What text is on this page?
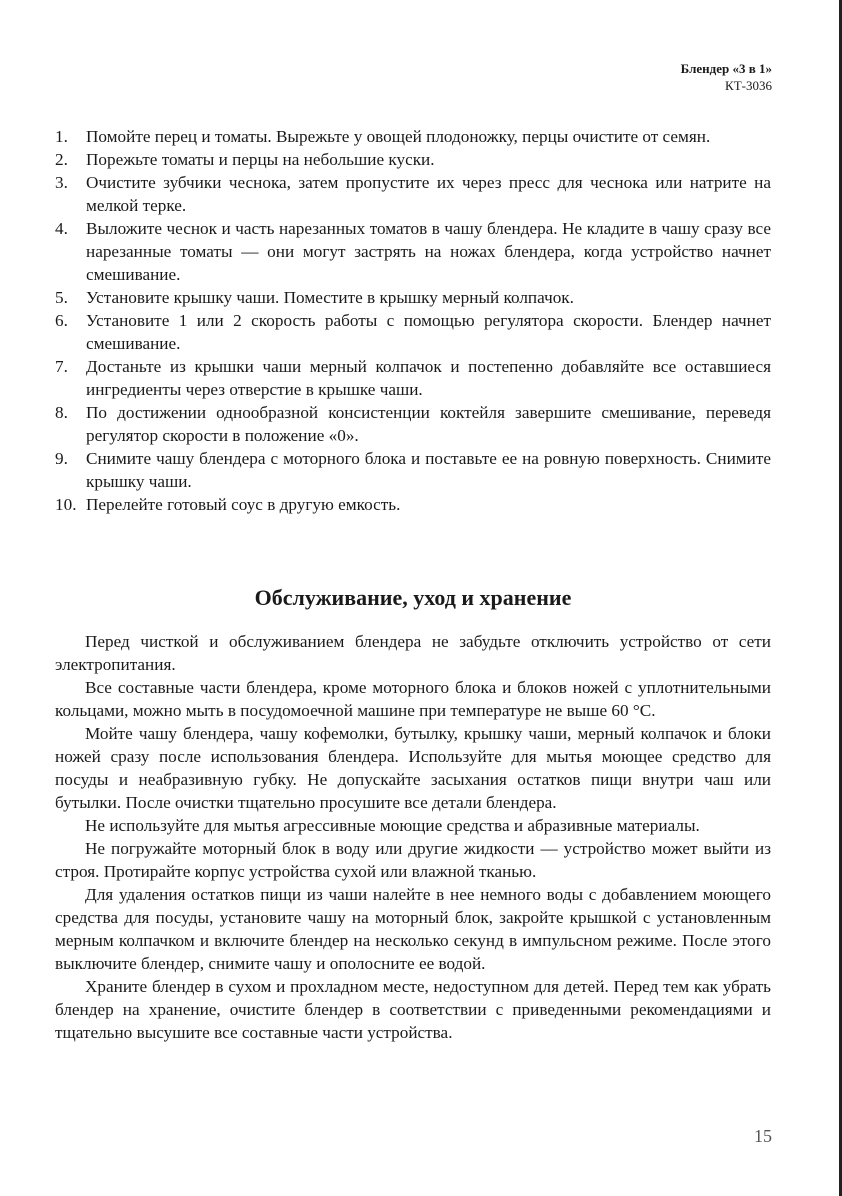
Блендер «3 в 1»
КТ-3036
1. Помойте перец и томаты. Вырежьте у овощей плодоножку, перцы очистите от семян.
2. Порежьте томаты и перцы на небольшие куски.
3. Очистите зубчики чеснока, затем пропустите их через пресс для чеснока или натрите на мелкой терке.
4. Выложите чеснок и часть нарезанных томатов в чашу блендера. Не кладите в чашу сразу все нарезанные томаты — они могут застрять на ножах блендера, когда устройство начнет смешивание.
5. Установите крышку чаши. Поместите в крышку мерный колпачок.
6. Установите 1 или 2 скорость работы с помощью регулятора скорости. Блендер начнет смешивание.
7. Достаньте из крышки чаши мерный колпачок и постепенно добавляйте все оставшиеся ингредиенты через отверстие в крышке чаши.
8. По достижении однообразной консистенции коктейля завершите смешивание, переведя регулятор скорости в положение «0».
9. Снимите чашу блендера с моторного блока и поставьте ее на ровную поверхность. Снимите крышку чаши.
10. Перелейте готовый соус в другую емкость.
Обслуживание, уход и хранение

Перед чисткой и обслуживанием блендера не забудьте отключить устройство от сети электропитания.

Все составные части блендера, кроме моторного блока и блоков ножей с уплотнительными кольцами, можно мыть в посудомоечной машине при температуре не выше 60 °С.

Мойте чашу блендера, чашу кофемолки, бутылку, крышку чаши, мерный колпачок и блоки ножей сразу после использования блендера. Используйте для мытья моющее средство для посуды и неабразивную губку. Не допускайте засыхания остатков пищи внутри чаш или бутылки. После очистки тщательно просушите все детали блендера.

Не используйте для мытья агрессивные моющие средства и абразивные материалы.

Не погружайте моторный блок в воду или другие жидкости — устройство может выйти из строя. Протирайте корпус устройства сухой или влажной тканью.

Для удаления остатков пищи из чаши налейте в нее немного воды с добавлением моющего средства для посуды, установите чашу на моторный блок, закройте крышкой с установленным мерным колпачком и включите блендер на несколько секунд в импульсном режиме. После этого выключите блендер, снимите чашу и ополосните ее водой.

Храните блендер в сухом и прохладном месте, недоступном для детей. Перед тем как убрать блендер на хранение, очистите блендер в соответствии с приведенными рекомендациями и тщательно высушите все составные части устройства.

15
